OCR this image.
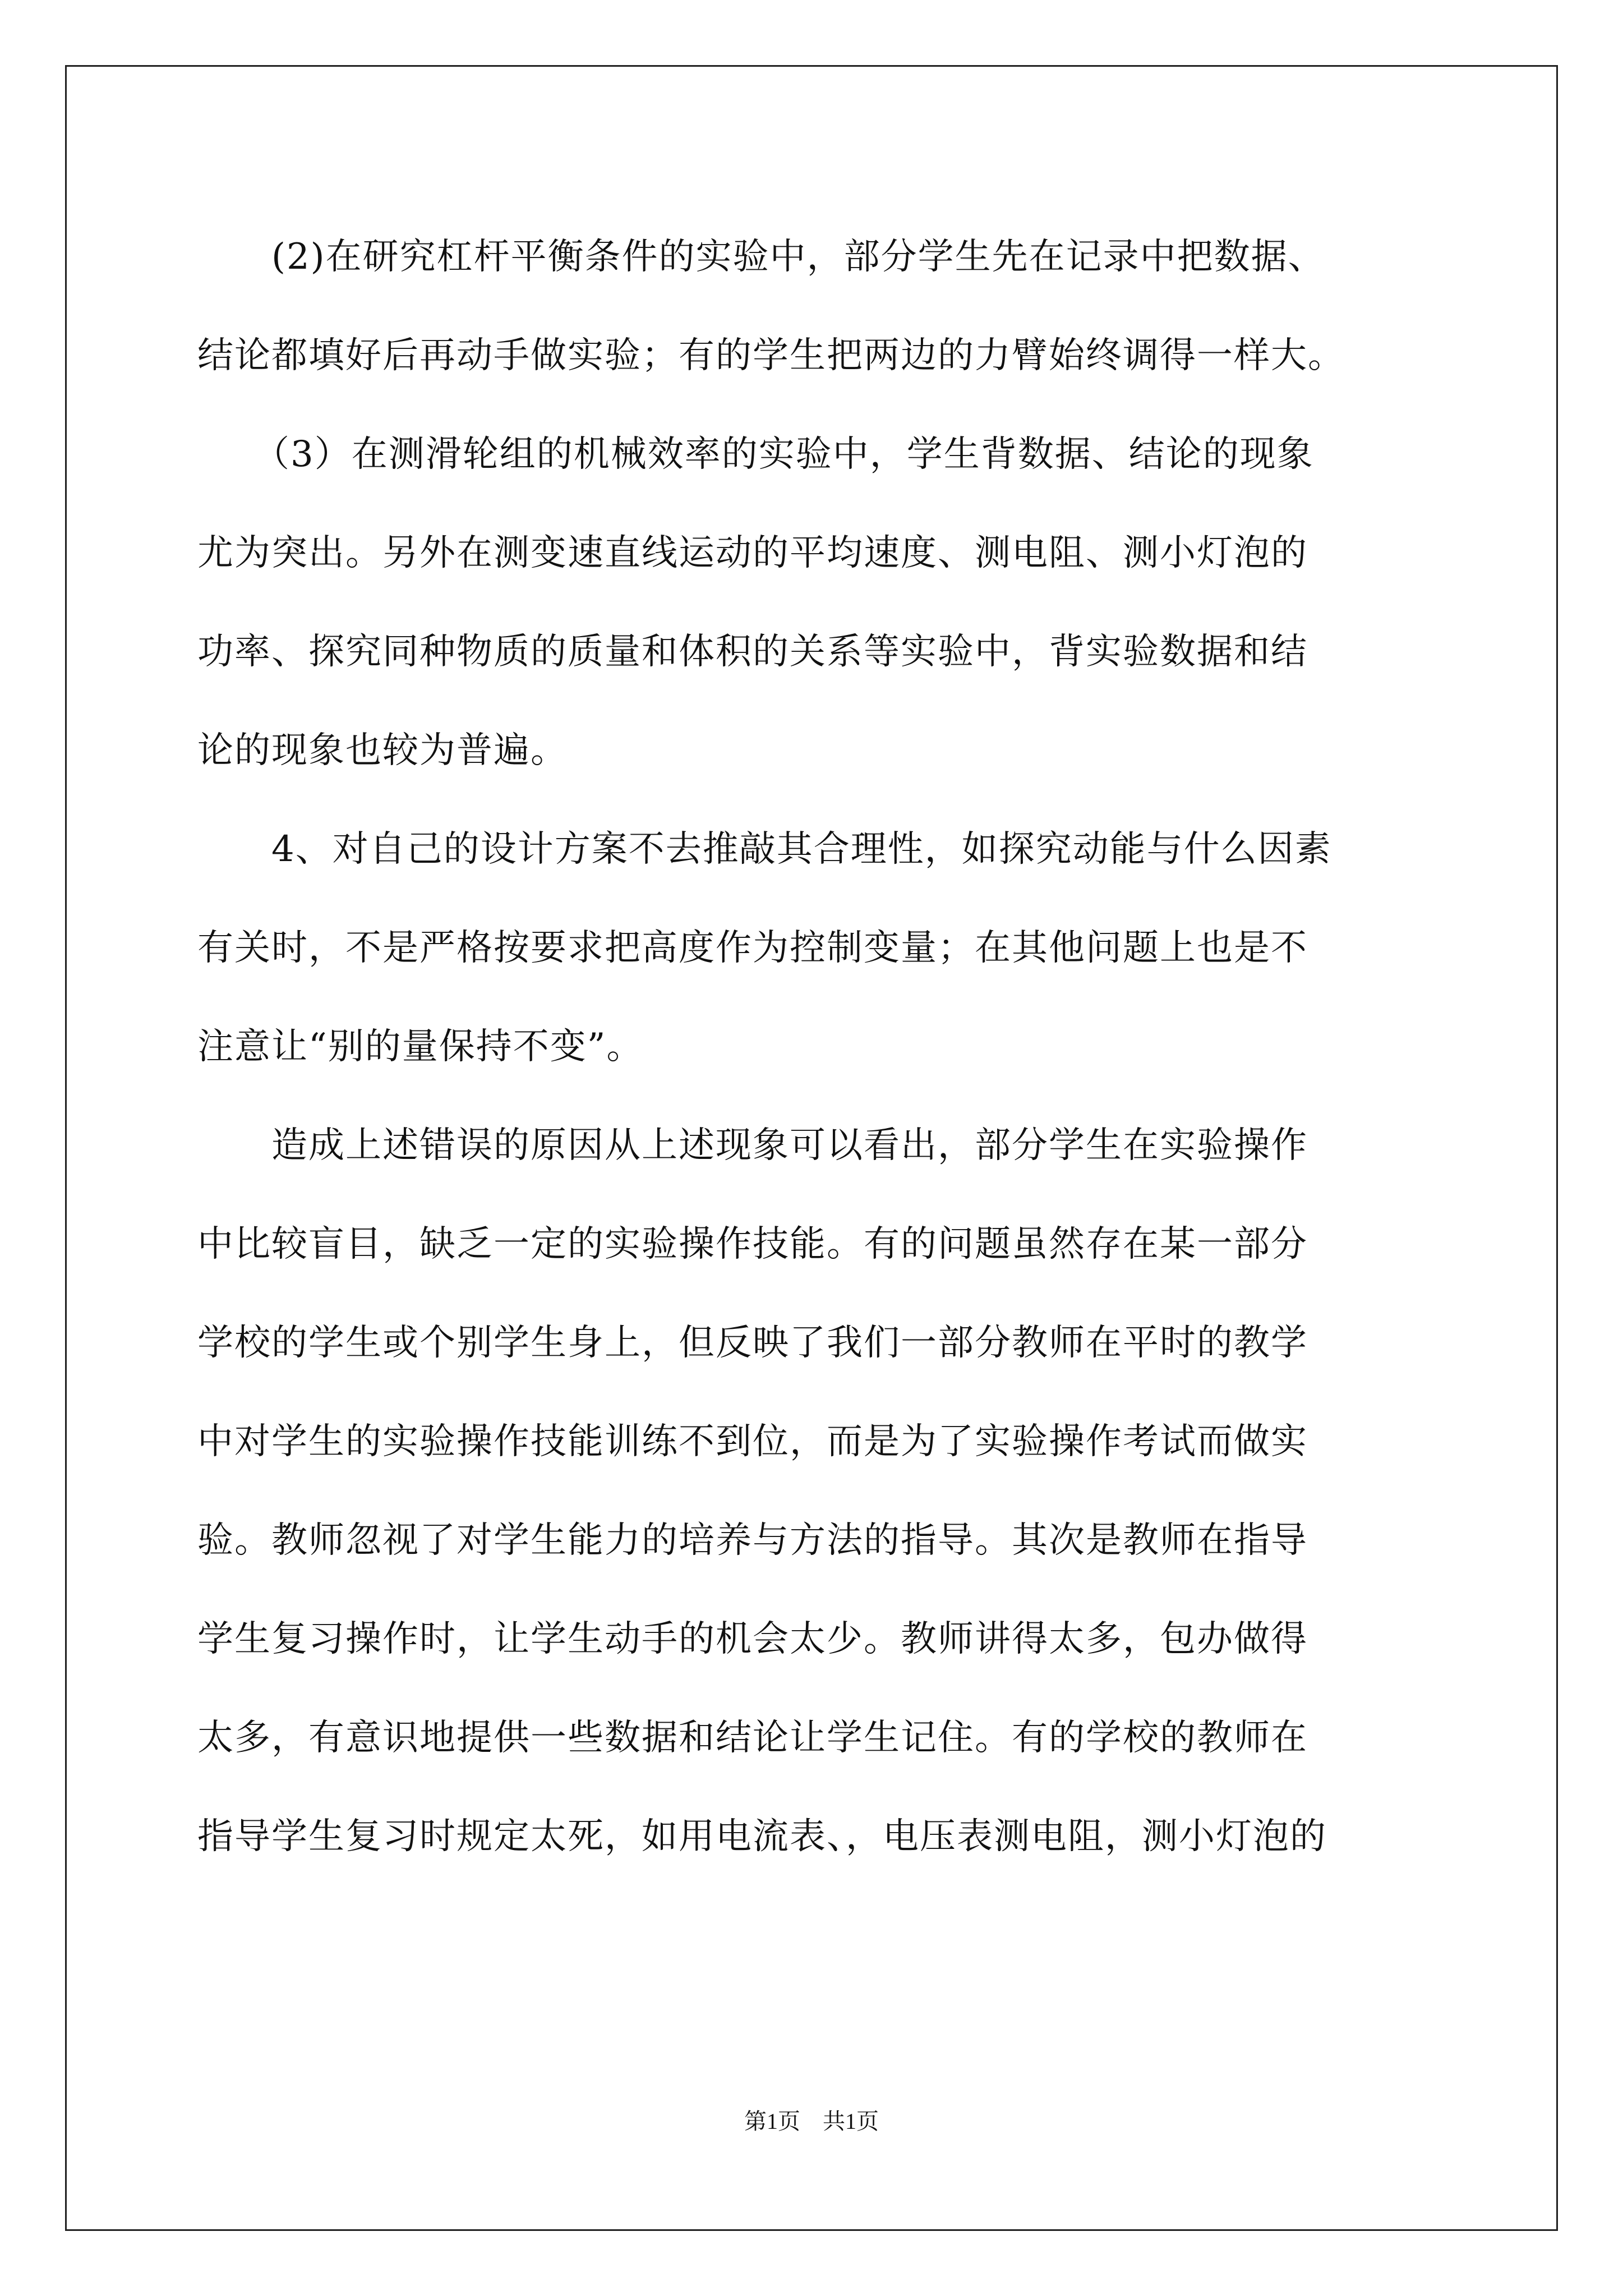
　　(2)在研究杠杆平衡条件的实验中，部分学生先在记录中把数据、
结论都填好后再动手做实验；有的学生把两边的力臂始终调得一样大。
　　（3）在测滑轮组的机械效率的实验中，学生背数据、结论的现象
尤为突出。另外在测变速直线运动的平均速度、测电阻、测小灯泡的
功率、探究同种物质的质量和体积的关系等实验中，背实验数据和结
论的现象也较为普遍。
　　4、对自己的设计方案不去推敲其合理性，如探究动能与什么因素
有关时，不是严格按要求把高度作为控制变量；在其他问题上也是不
注意让“别的量保持不变”。
　　造成上述错误的原因从上述现象可以看出，部分学生在实验操作
中比较盲目，缺乏一定的实验操作技能。有的问题虽然存在某一部分
学校的学生或个别学生身上，但反映了我们一部分教师在平时的教学
中对学生的实验操作技能训练不到位，而是为了实验操作考试而做实
验。教师忽视了对学生能力的培养与方法的指导。其次是教师在指导
学生复习操作时，让学生动手的机会太少。教师讲得太多，包办做得
太多，有意识地提供一些数据和结论让学生记住。有的学校的教师在
指导学生复习时规定太死，如用电流表、，电压表测电阻，测小灯泡的
第1页　共1页
